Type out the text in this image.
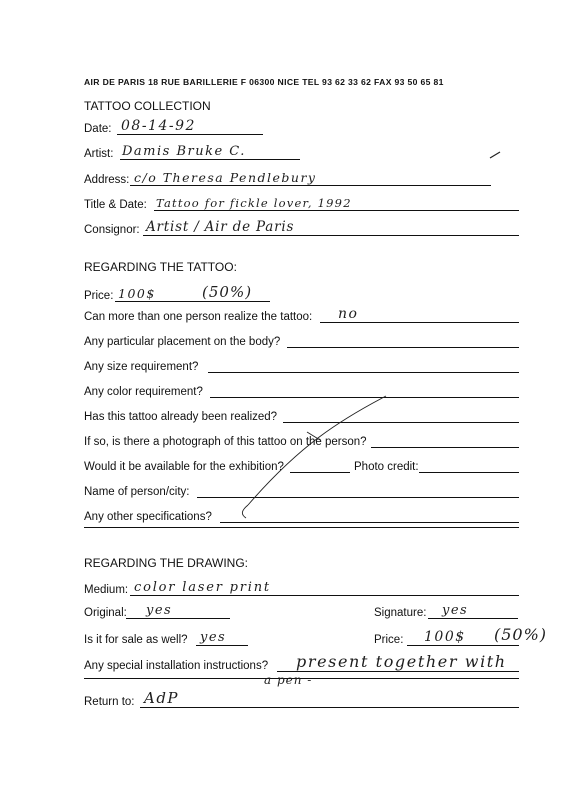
AIR DE PARIS 18 RUE BARILLERIE F 06300 NICE TEL 93 62 33 62 FAX 93 50 65 81
TATTOO COLLECTION
Date: 08-14-92
Artist: Damis Bruke C.
Address: c/o Theresa Pendlebury
Title & Date: Tattoo for fickle lover, 1992
Consignor: Artist / Air de Paris
REGARDING THE TATTOO:
Price: 100$	(50%)
Can more than one person realize the tattoo: no
Any particular placement on the body?
Any size requirement?
Any color requirement?
Has this tattoo already been realized?
If so, is there a photograph of this tattoo on the person?
Would it be available for the exhibition?	Photo credit:
Name of person/city:
Any other specifications?
REGARDING THE DRAWING:
Medium: color laser print
Original: yes	Signature: yes
Is it for sale as well? yes	Price: 100$ (50%)
Any special installation instructions? present together with
a pen -
Return to: AdP
